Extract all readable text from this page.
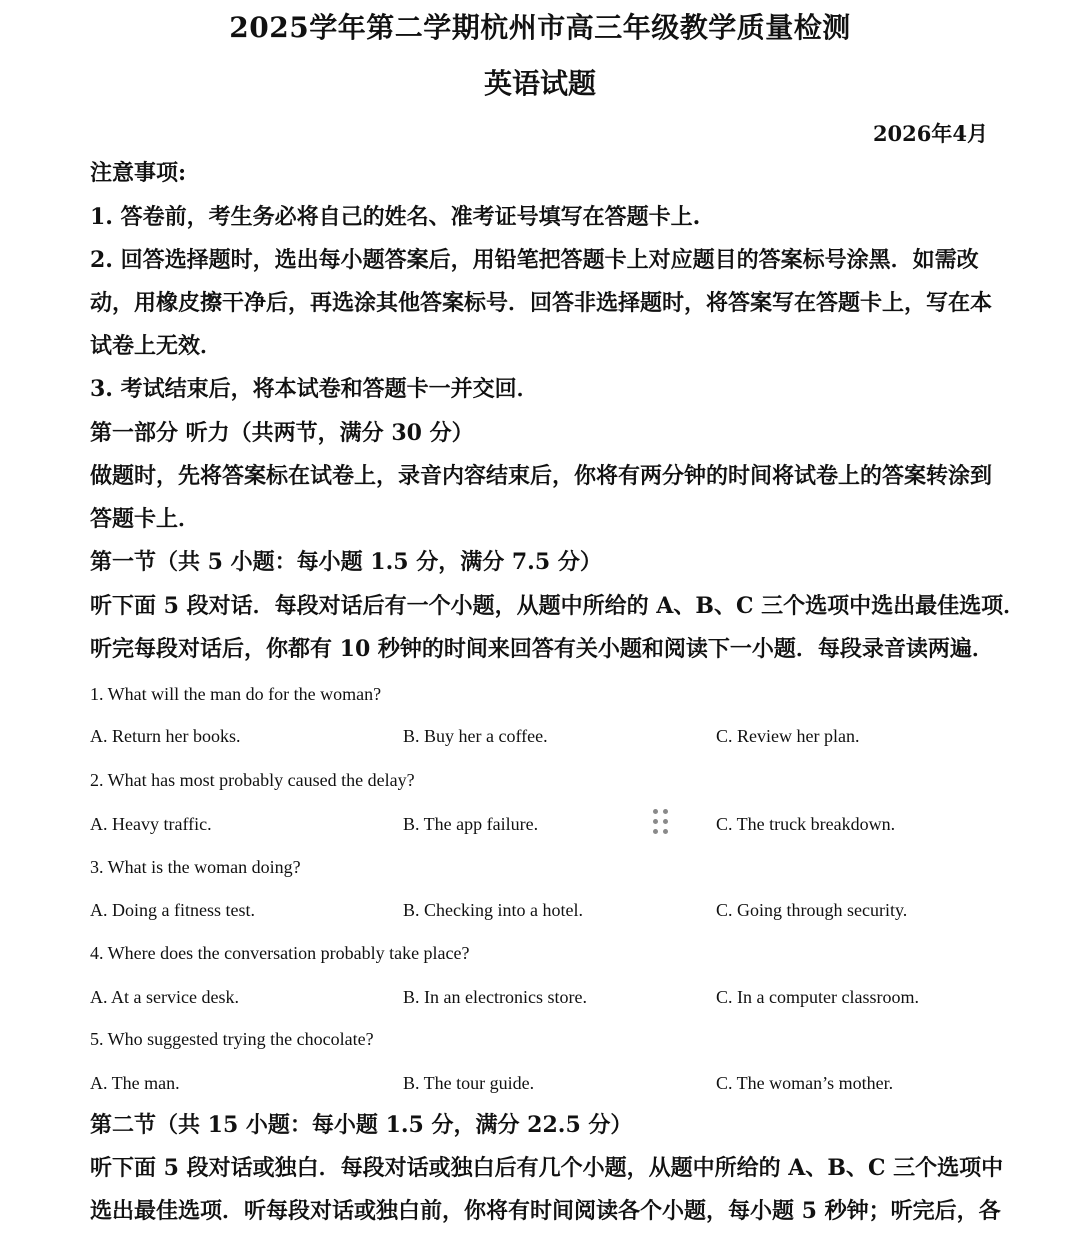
2025学年第二学期杭州市高三年级教学质量检测
英语试题
2026年4月
注意事项:
1. 答卷前，考生务必将自己的姓名、准考证号填写在答题卡上.
2. 回答选择题时，选出每小题答案后，用铅笔把答题卡上对应题目的答案标号涂黑．如需改
动，用橡皮擦干净后，再选涂其他答案标号．回答非选择题时，将答案写在答题卡上，写在本
试卷上无效．
3. 考试结束后，将本试卷和答题卡一并交回．
第一部分 听力（共两节，满分 30 分）
做题时，先将答案标在试卷上，录音内容结束后，你将有两分钟的时间将试卷上的答案转涂到
答题卡上．
第一节（共 5 小题：每小题 1.5 分，满分 7.5 分）
听下面 5 段对话．每段对话后有一个小题，从题中所给的 A、B、C 三个选项中选出最佳选项．
听完每段对话后，你都有 10 秒钟的时间来回答有关小题和阅读下一小题．每段录音读两遍．
1. What will the man do for the woman?
A. Return her books.	B. Buy her a coffee.	C. Review her plan.
2. What has most probably caused the delay?
A. Heavy traffic.	B. The app failure.	C. The truck breakdown.
3. What is the woman doing?
A. Doing a fitness test.	B. Checking into a hotel.	C. Going through security.
4. Where does the conversation probably take place?
A. At a service desk.	B. In an electronics store.	C. In a computer classroom.
5. Who suggested trying the chocolate?
A. The man.	B. The tour guide.	C. The woman’s mother.
第二节（共 15 小题：每小题 1.5 分，满分 22.5 分）
听下面 5 段对话或独白．每段对话或独白后有几个小题，从题中所给的 A、B、C 三个选项中
选出最佳选项．听每段对话或独白前，你将有时间阅读各个小题，每小题 5 秒钟；听完后，各
